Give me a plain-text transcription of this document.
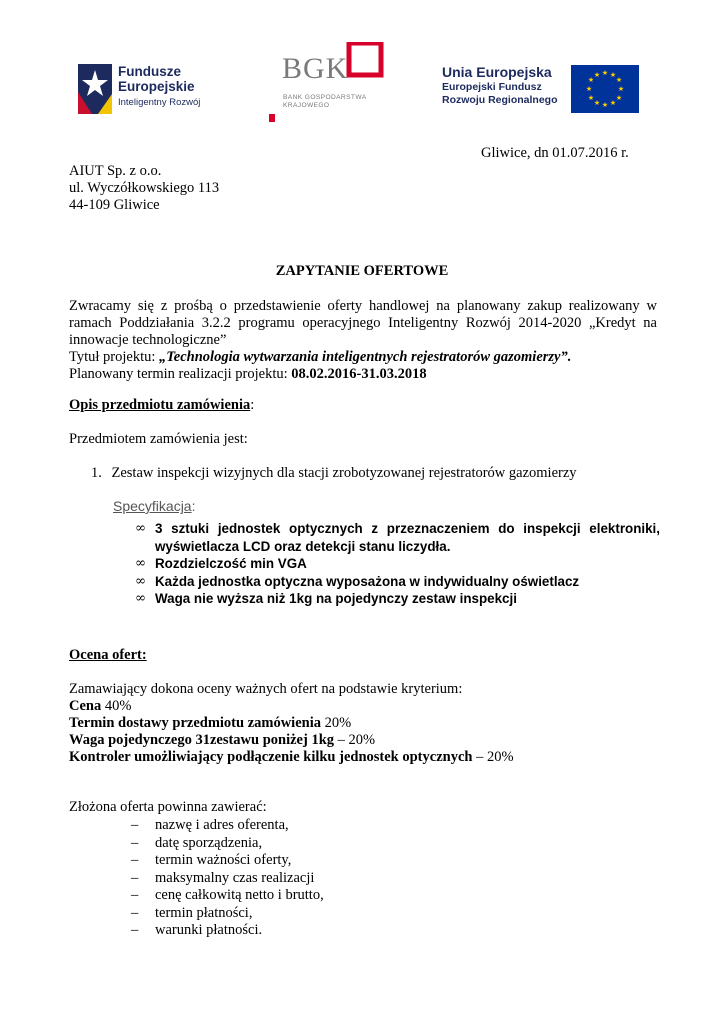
Fundusze
Europejskie
Inteligentny Rozwój
BGK
BANK GOSPODARSTWA
KRAJOWEGO
Unia Europejska
Europejski Fundusz
Rozwoju Regionalnego
★ ★
★
★
★
★
★
★
★
★
★
★
Gliwice, dn 01.07.2016 r.
AIUT Sp. z o.o.
ul. Wyczółkowskiego 113
44-109 Gliwice
ZAPYTANIE OFERTOWE
Zwracamy się z prośbą o przedstawienie oferty handlowej na planowany zakup realizowany w
ramach Poddziałania 3.2.2 programu operacyjnego Inteligentny Rozwój 2014-2020 „Kredyt na
innowacje technologiczne”
Tytuł projektu: „Technologia wytwarzania inteligentnych rejestratorów gazomierzy”.
Planowany termin realizacji projektu: 08.02.2016-31.03.2018
Opis przedmiotu zamówienia:
Przedmiotem zamówienia jest:
1. Zestaw inspekcji wizyjnych dla stacji zrobotyzowanej rejestratorów gazomierzy
Specyfikacja:
∞ 3 sztuki jednostek optycznych z przeznaczeniem do inspekcji elektroniki,
wyświetlacza LCD oraz detekcji stanu liczydła.
∞ Rozdzielczość min VGA
∞ Każda jednostka optyczna wyposażona w indywidualny oświetlacz
∞ Waga nie wyższa niż 1kg na pojedynczy zestaw inspekcji
Ocena ofert:
Zamawiający dokona oceny ważnych ofert na podstawie kryterium:
Cena 40%
Termin dostawy przedmiotu zamówienia 20%
Waga pojedynczego 31zestawu poniżej 1kg – 20%
Kontroler umożliwiający podłączenie kilku jednostek optycznych – 20%
Złożona oferta powinna zawierać:
– nazwę i adres oferenta,
– datę sporządzenia,
– termin ważności oferty,
– maksymalny czas realizacji
– cenę całkowitą netto i brutto,
– termin płatności,
– warunki płatności.
